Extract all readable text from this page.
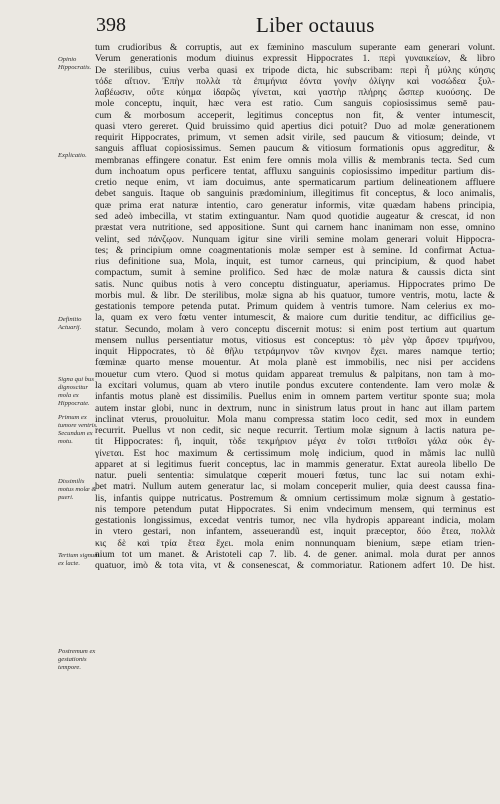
398	Liber octauus
Opinio Hippocratis.
Explicatio.
Definitio Actuarij.
Signa qui bus dignoscitur mola ex Hippocrate.
Primum ex tumore ventris. Secundum ex motu.
Dissimilis motus molæ & pueri.
Tertium signum ex lacte.
Postremum ex gestationis tempore.
tum crudioribus & corruptis, aut ex fæminino masculum superante eam generari volunt.
Verum generationis modum diuinus expressit Hippocrates 1. περὶ γυναικείων, & libro
De sterilibus, cuius verba quasi ex tripode dicta, hic subscribam: περὶ ἧ μύλης κύησις
τόδε αἴτιον. Ἐπὴν πολλὰ τὰ ἐπιμήνια ἐόντα γονὴν ὀλίγην καὶ νοσώδεα ξυλ-
λαβέωσιν, οὔτε κύημα ἰδαρῶς γίνεται, καὶ γαστὴρ πλήρης ὥσπερ κυούσης. De
mole conceptu, inquit, hæc vera est ratio. Cum sanguis copiosissimus semē pau-
cum & morbosum acceperit, legitimus conceptus non fit, & venter intumescit,
quasi vtero gereret. Quid bruissimo quid apertius dici potuit? Duo ad molæ generationem
requirit Hippocrates, primum, vt semen adsit virile, sed paucum & vitiosum; deinde, vt
sanguis affluat copiosissimus. Semen paucum & vitiosum formationis opus aggreditur, &
membranas effingere conatur. Est enim fere omnis mola villis & membranis tecta. Sed cum
dum inchoatum opus perficere tentat, affluxu sanguinis copiosissimo impeditur partium dis-
cretio neque enim, vt iam docuimus, ante spermaticarum partium delineationem affluere
debet sanguis. Itaque ob sanguinis prædominium, illegitimus fit conceptus, & loco animalis,
quæ prima erat naturæ intentio, caro generatur informis, vitæ quædam habens principia,
sed adeò imbecilla, vt statim extinguantur. Nam quod quotidie augeatur & crescat, id non
præstat vera nutritione, sed appositione. Sunt qui carnem hanc inanimam non esse, omnino
velint, sed πάνζῳον. Nunquam igitur sine virili semine molam generari voluit Hippocra-
tes; & principium omne coagmentationis molæ semper est à semine. Id confirmat Actua-
rius definitione sua, Mola, inquit, est tumor carneus, qui principium, & quod habet
compactum, sumit à semine prolifico. Sed hæc de molæ natura & caussis dicta sint
satis. Nunc quibus notis à vero conceptu distinguatur, aperiamus. Hippocrates primo De
morbis mul. & libr. De sterilibus, molæ signa ab his quatuor, tumore ventris, motu, lacte &
gestationis tempore petenda putat. Primum quidem à ventris tumore. Nam celerius ex mo-
la, quam ex vero fœtu venter intumescit, & maiore cum duritie tenditur, ac difficilius ge-
statur. Secundo, molam à vero conceptu discernit motus: si enim post tertium aut quartum
mensem nullus persentiatur motus, vitiosus est conceptus: τὸ μὲν γὰρ ἄρσεν τριμήνου,
inquit Hippocrates, τὸ δὲ θῆλυ τετράμηνον τῶν κινηον ἔχει. mares namque tertio;
fœminæ quarto mense mouentur. At mola planè est immobilis, nec nisi per accidens
mouetur cum vtero. Quod si motus quidam appareat tremulus & palpitans, non tam à mo-
la excitari volumus, quam ab vtero inutile pondus excutere contendente. Iam vero molæ &
infantis motus planè est dissimilis. Puellus enim in omnem partem vertitur sponte sua; mola
autem instar globi, nunc in dextrum, nunc in sinistrum latus prout in hanc aut illam partem
inclinat vterus, prouoluitur. Mola manu compressa statim loco cedit, sed mox in eundem
recurrit. Puellus vt non cedit, sic neque recurrit. Tertium molæ signum à lactis natura pe-
tit Hippocrates: ἢ, inquit, τὸδε τεκμήριον μέγα ἐν τοῖσι τιτθοῖσι γάλα οὐκ ἐγ-
γίνεται. Est hoc maximum & certissimum molę indicium, quod in mãmis lac nullũ
apparet at si legitimus fuerit conceptus, lac in mammis generatur. Extat aureola libello De
natur. pueli sententia: simulatque cœperit moueri fœtus, tunc lac sui notam exhi-
bet matri. Nullum autem generatur lac, si molam conceperit mulier, quia deest caussa fina-
lis, infantis quippe nutricatus. Postremum & omnium certissimum molæ signum à gestatio-
nis tempore petendum putat Hippocrates. Si enim vndecimum mensem, qui terminus est
gestationis longissimus, excedat ventris tumor, nec vlla hydropis appareant indicia, molam
in vtero gestari, non infantem, asseuerandũ est, inquit præceptor, δύο ἔτεα, πολλὰ
κις δὲ καὶ τρία ἔτεα ἔχει. mola enim nonnunquam bienium, sæpe etiam trien-
nium tot um manet. & Aristoteli cap 7. lib. 4. de gener. animal. mola durat per annos
quatuor, imò & tota vita, vt & consenescat, & commoriatur. Rationem adfert 10. De hist.
